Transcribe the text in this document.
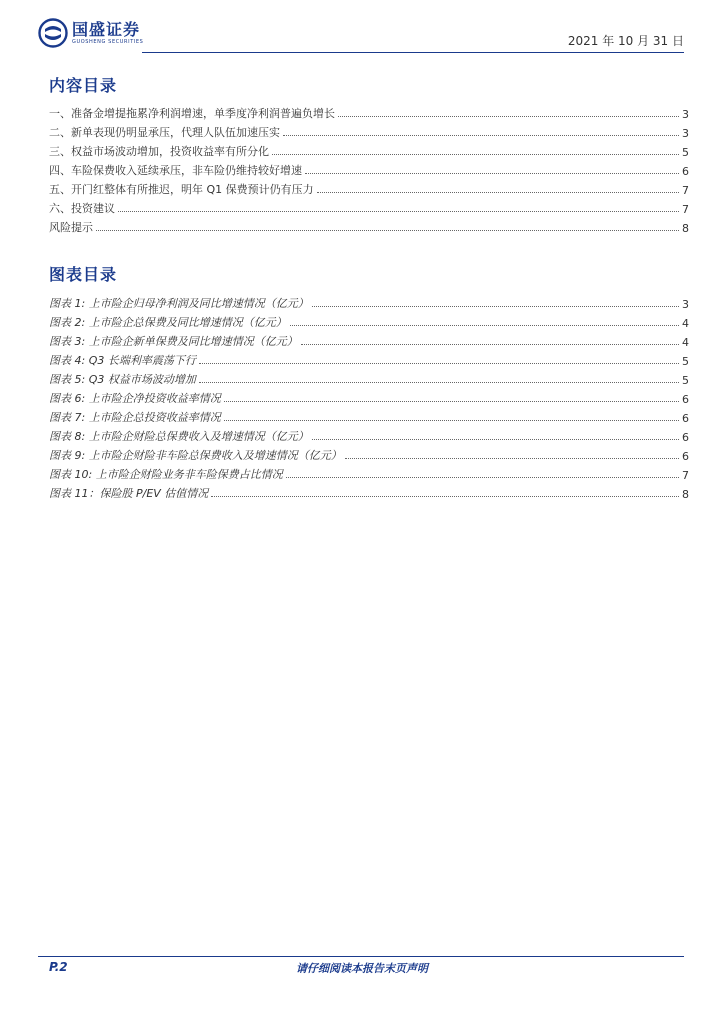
国盛证券
GUOSHENG SECURITIES	2021 年 10 月 31 日
内容目录
一、准备金增提拖累净利润增速，单季度净利润普遍负增长	3
二、新单表现仍明显承压，代理人队伍加速压实	3
三、权益市场波动增加，投资收益率有所分化	5
四、车险保费收入延续承压，非车险仍维持较好增速	6
五、开门红整体有所推迟，明年 Q1 保费预计仍有压力	7
六、投资建议	7
风险提示	8
图表目录
图表 1: 上市险企归母净利润及同比增速情况（亿元）	3
图表 2: 上市险企总保费及同比增速情况（亿元）	4
图表 3: 上市险企新单保费及同比增速情况（亿元）	4
图表 4: Q3 长端利率震荡下行	5
图表 5: Q3 权益市场波动增加	5
图表 6: 上市险企净投资收益率情况	6
图表 7: 上市险企总投资收益率情况	6
图表 8: 上市险企财险总保费收入及增速情况（亿元）	6
图表 9: 上市险企财险非车险总保费收入及增速情况（亿元）	6
图表 10: 上市险企财险业务非车险保费占比情况	7
图表 11：保险股 P/EV 估值情况	8
P.2	请仔细阅读本报告末页声明
